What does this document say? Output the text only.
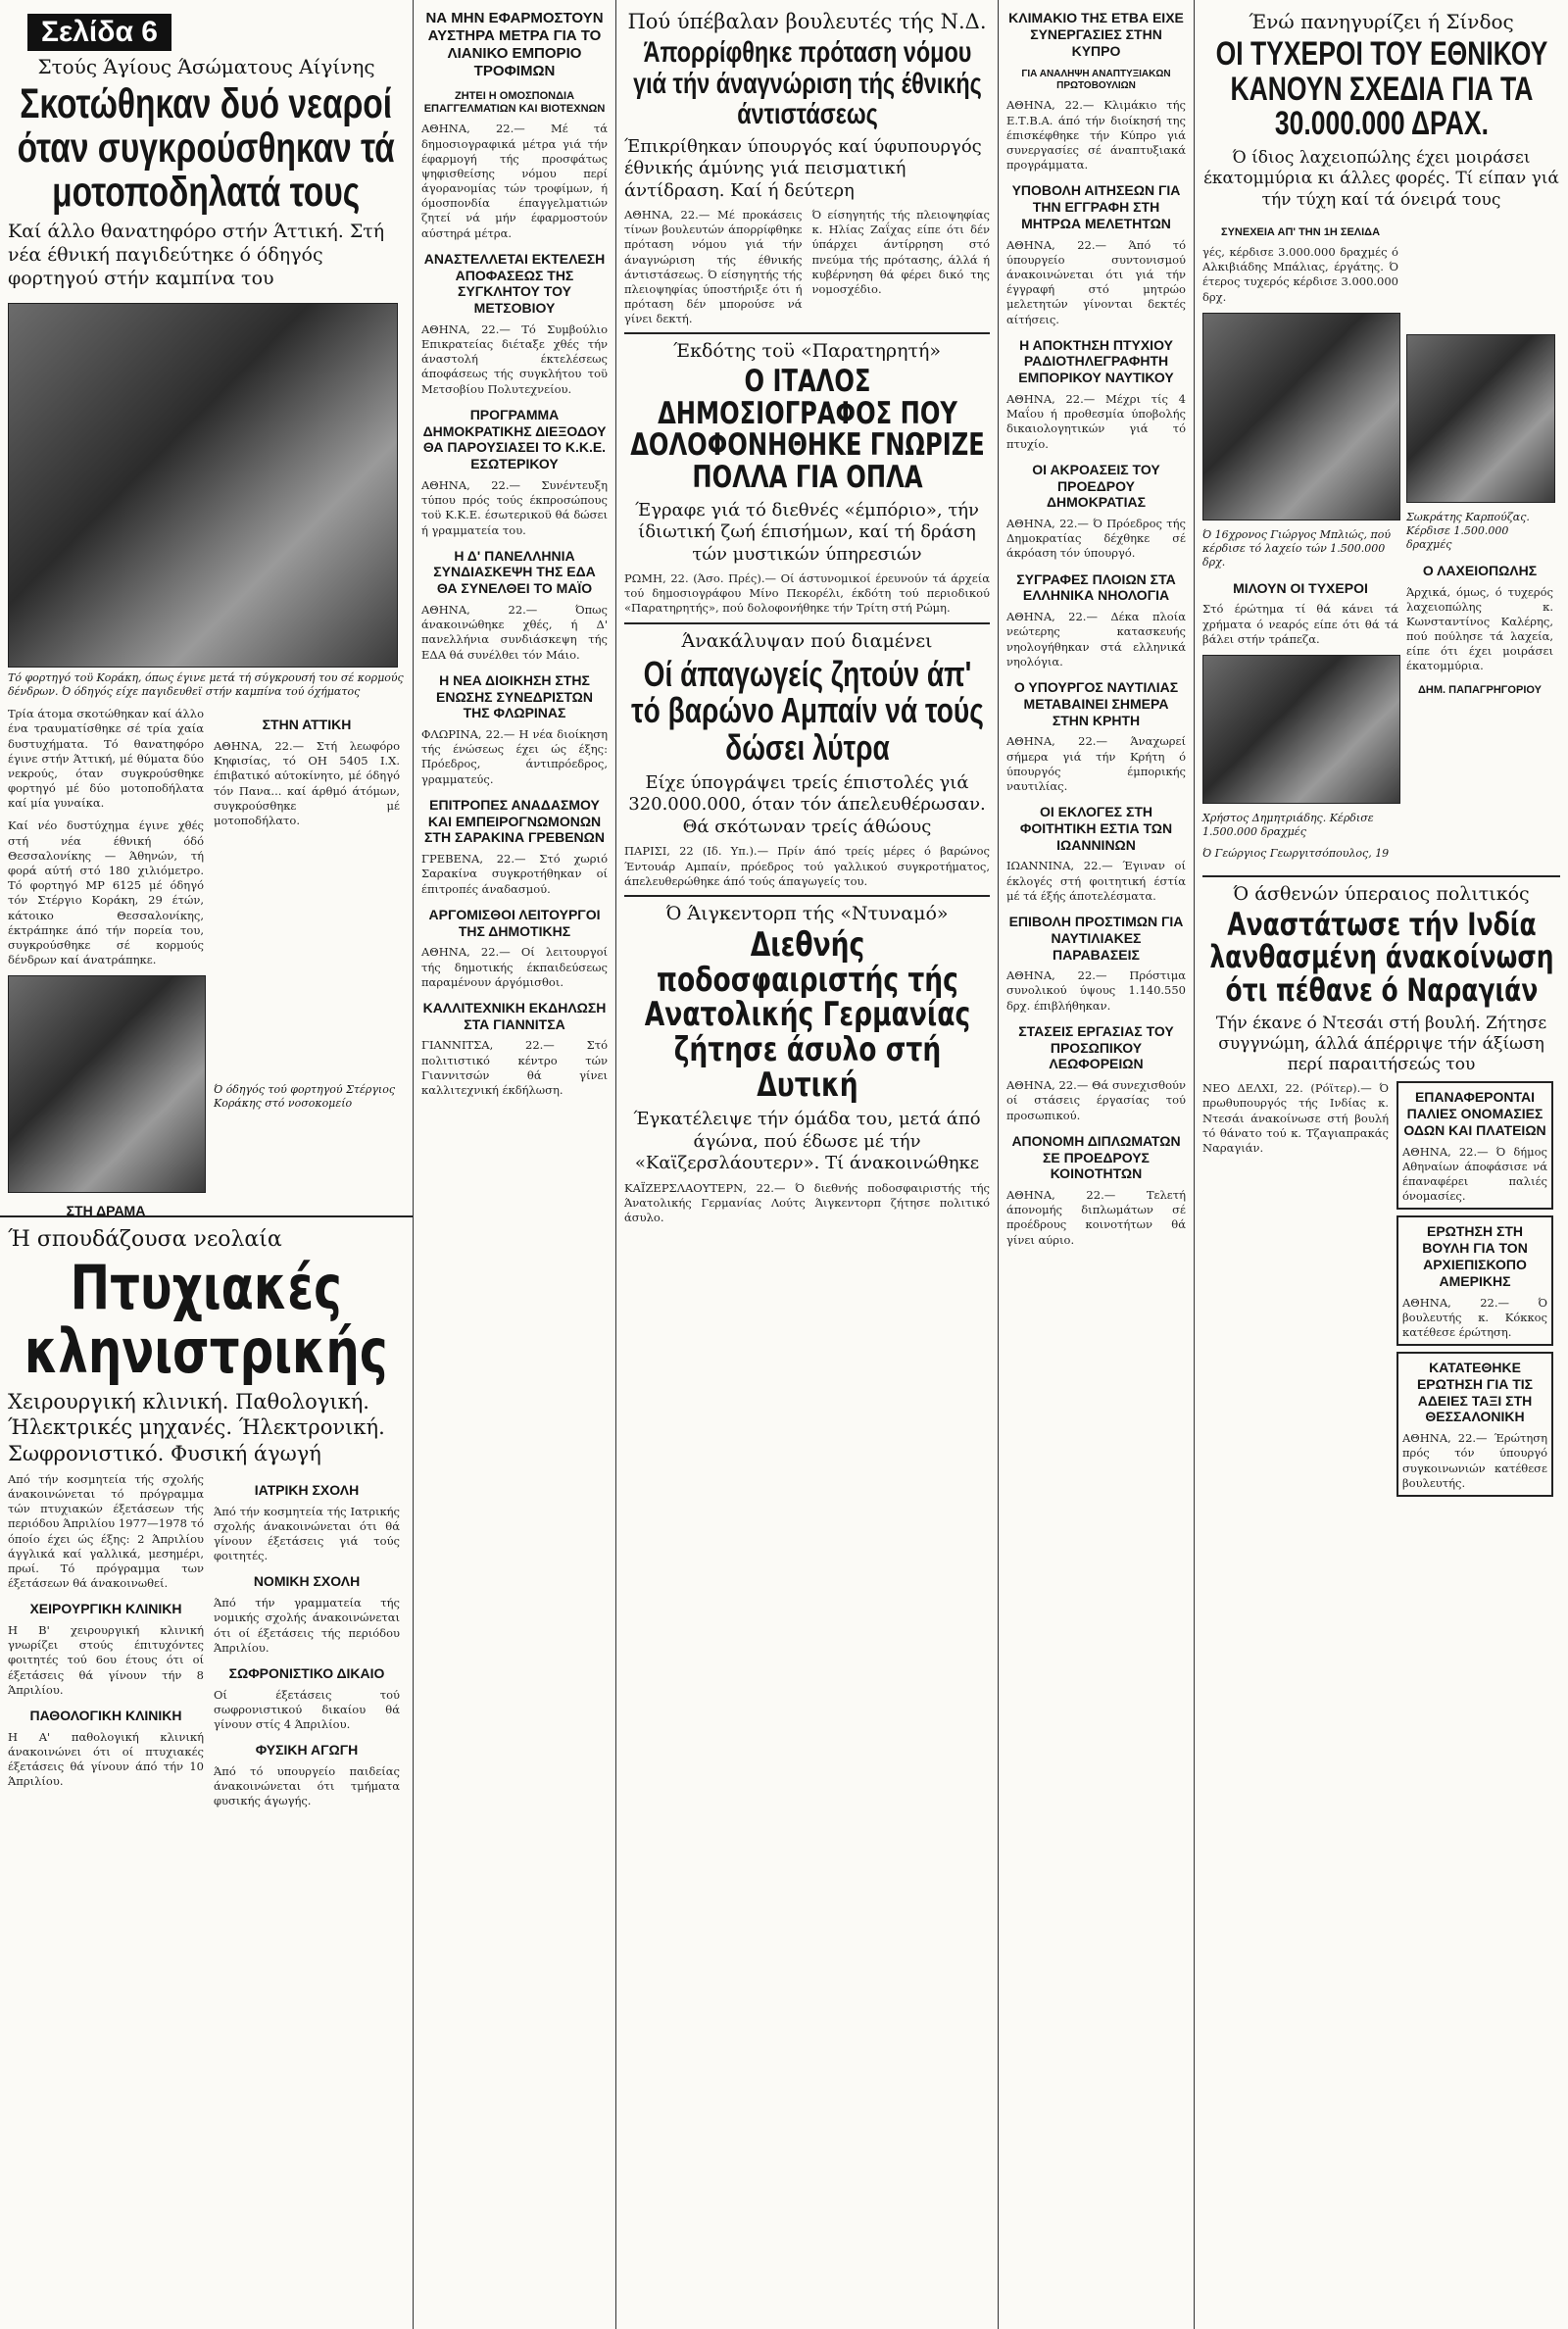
Σελίδα 6
Στούς Άγίους Άσώματους Αίγίνης
Σκοτώθηκαν δυό νεαροί όταν συγκρούσθηκαν τά μοτοποδηλατά τους
Καί άλλο θανατηφόρο στήν Άττική. Στή νέα έθνική παγιδεύτηκε ό όδηγός φορτηγού στήν καμπίνα του
Τό φορτηγό τοϋ Κοράκη, όπως έγινε μετά τή σύγκρουσή του σέ κορμούς δένδρων. Ό όδηγός είχε παγιδευθεϊ στήν καμπίνα τού όχήματος
Τρία άτομα σκοτώθηκαν καί άλλο ένα τραυματίσθηκε σέ τρία χαία δυστυχήματα. Τό θανατηφόρο έγινε στήν Άττική, μέ θύματα δύο νεκρούς, όταν συγκρούσθηκε φορτηγό μέ δύο μοτοποδήλατα καί μία γυναίκα.
Καί νέο δυστύχημα έγινε χθές στή νέα έθνική όδό Θεσσαλονίκης — Άθηνών, τή φορά αύτή στό 180 χιλιόμετρο. Τό φορτηγό ΜΡ 6125 μέ όδηγό τόν Στέργιο Κοράκη, 29 έτών, κάτοικο Θεσσαλονίκης, έκτράπηκε άπό τήν πορεία του, συγκρούσθηκε σέ κορμούς δένδρων καί άνατράπηκε.
ΣΤΗ ΔΡΑΜΑ
ΣΤΗΝ ΑΤΤΙΚΗ
ΑΘΗΝΑ, 22.— Στή λεωφόρο Κηφισίας, τό ΟΗ 5405 Ι.Χ. έπιβατικό αύτοκίνητο, μέ όδηγό τόν Πανα... καί άρθμό άτόμων, συγκρούσθηκε μέ μοτοποδήλατο.
Ό όδηγός τού φορτηγού Στέργιος Κοράκης στό νοσοκομείο
Ή σπουδάζουσα νεολαία
Πτυχιακές κληνιστρικής
Χειρουργική κλινική. Παθολογική. Ήλεκτρικές μηχανές. Ήλεκτρονική. Σωφρονιστικό. Φυσική άγωγή
Από τήν κοσμητεία τής σχολής άνακοινώνεται τό πρόγραμμα τών πτυχιακών έξετάσεων τής περιόδου Άπριλίου 1977—1978 τό όποίο έχει ώς έξης: 2 Άπριλίου άγγλικά καί γαλλικά, μεσημέρι, πρωί. Τό πρόγραμμα των έξετάσεων θά άνακοινωθεί.
ΧΕΙΡΟΥΡΓΙΚΗ ΚΛΙΝΙΚΗ
Η Β' χειρουργική κλινική γνωρίζει στούς έπιτυχόντες φοιτητές τού 6ου έτους ότι οί έξετάσεις θά γίνουν τήν 8 Άπριλίου.
ΠΑΘΟΛΟΓΙΚΗ ΚΛΙΝΙΚΗ
Η Α' παθολογική κλινική άνακοινώνει ότι οί πτυχιακές έξετάσεις θά γίνουν άπό τήν 10 Άπριλίου.
ΙΑΤΡΙΚΗ ΣΧΟΛΗ
Άπό τήν κοσμητεία τής Ιατρικής σχολής άνακοινώνεται ότι θά γίνουν έξετάσεις γιά τούς φοιτητές.
ΝΟΜΙΚΗ ΣΧΟΛΗ
Άπό τήν γραμματεία τής νομικής σχολής άνακοινώνεται ότι οί έξετάσεις τής περιόδου Άπριλίου.
ΣΩΦΡΟΝΙΣΤΙΚΟ ΔΙΚΑΙΟ
Οί έξετάσεις τού σωφρονιστικού δικαίου θά γίνουν στίς 4 Άπριλίου.
ΦΥΣΙΚΗ ΑΓΩΓΗ
Άπό τό υπουργείο παιδείας άνακοινώνεται ότι τμήματα φυσικής άγωγής.
ΝΑ ΜΗΝ ΕΦΑΡΜΟΣΤΟΥΝ ΑΥΣΤΗΡΑ ΜΕΤΡΑ ΓΙΑ ΤΟ ΛΙΑΝΙΚΟ ΕΜΠΟΡΙΟ ΤΡΟΦΙΜΩΝ
ΖΗΤΕΙ Η ΟΜΟΣΠΟΝΔΙΑ ΕΠΑΓΓΕΛΜΑΤΙΩΝ ΚΑΙ ΒΙΟΤΕΧΝΩΝ
ΑΘΗΝΑ, 22.— Μέ τά δημοσιογραφικά μέτρα γιά τήν έφαρμογή τής προσφάτως ψηφισθείσης νόμου περί άγορανομίας τών τροφίμων, ή όμοσπονδία έπαγγελματιών ζητεί νά μήν έφαρμοστούν αύστηρά μέτρα.
ΑΝΑΣΤΕΛΛΕΤΑΙ ΕΚΤΕΛΕΣΗ ΑΠΟΦΑΣΕΩΣ ΤΗΣ ΣΥΓΚΛΗΤΟΥ ΤΟΥ ΜΕΤΣΟΒΙΟΥ
ΑΘΗΝΑ, 22.— Τό Συμβούλιο Επικρατείας διέταξε χθές τήν άναστολή έκτελέσεως άποφάσεως τής συγκλήτου τοϋ Μετσοβίου Πολυτεχνείου.
ΠΡΟΓΡΑΜΜΑ ΔΗΜΟΚΡΑΤΙΚΗΣ ΔΙΕΞΟΔΟΥ ΘΑ ΠΑΡΟΥΣΙΑΣΕΙ ΤΟ Κ.Κ.Ε. ΕΣΩΤΕΡΙΚΟΥ
ΑΘΗΝΑ, 22.— Συνέντευξη τύπου πρός τούς έκπροσώπους τοϋ Κ.Κ.Ε. έσωτερικοϋ θά δώσει ή γραμματεία του.
Η Δ' ΠΑΝΕΛΛΗΝΙΑ ΣΥΝΔΙΑΣΚΕΨΗ ΤΗΣ ΕΔΑ ΘΑ ΣΥΝΕΛΘΕΙ ΤΟ ΜΑΪΟ
ΑΘΗΝΑ, 22.— Όπως άνακοινώθηκε χθές, ή Δ' πανελλήνια συνδιάσκεψη τής ΕΔΑ θά συνέλθει τόν Μάιο.
Η ΝΕΑ ΔΙΟΙΚΗΣΗ ΣΤΗΣ ΕΝΩΣΗΣ ΣΥΝΕΔΡΙΣΤΩΝ ΤΗΣ ΦΛΩΡΙΝΑΣ
ΦΛΩΡΙΝΑ, 22.— Η νέα διοίκηση τής ένώσεως έχει ώς έξης: Πρόεδρος, άντιπρόεδρος, γραμματεύς.
ΕΠΙΤΡΟΠΕΣ ΑΝΑΔΑΣΜΟΥ ΚΑΙ ΕΜΠΕΙΡΟΓΝΩΜΟΝΩΝ ΣΤΗ ΣΑΡΑΚΙΝΑ ΓΡΕΒΕΝΩΝ
ΓΡΕΒΕΝΑ, 22.— Στό χωριό Σαρακίνα συγκροτήθηκαν οί έπιτροπές άναδασμού.
ΑΡΓΟΜΙΣΘΟΙ ΛΕΙΤΟΥΡΓΟΙ ΤΗΣ ΔΗΜΟΤΙΚΗΣ
ΑΘΗΝΑ, 22.— Οί λειτουργοί τής δημοτικής έκπαιδεύσεως παραμένουν άργόμισθοι.
ΚΑΛΛΙΤΕΧΝΙΚΗ ΕΚΔΗΛΩΣΗ ΣΤΑ ΓΙΑΝΝΙΤΣΑ
ΓΙΑΝΝΙΤΣΑ, 22.— Στό πολιτιστικό κέντρο τών Γιαννιτσών θά γίνει καλλιτεχνική έκδήλωση.
Πού ύπέβαλαν βουλευτές τής Ν.Δ.
Άπορρίφθηκε πρόταση νόμου γιά τήν άναγνώριση τής έθνικής άντιστάσεως
Έπικρίθηκαν ύπουργός καί ύφυπουργός έθνικής άμύνης γιά πεισματική άντίδραση. Καί ή δεύτερη
ΑΘΗΝΑ, 22.— Μέ προκάσεις τίνων βουλευτών άπορρίφθηκε πρόταση νόμου γιά τήν άναγνώριση τής έθνικής άντιστάσεως. Ό είσηγητής τής πλειοψηφίας ύποστήριξε ότι ή πρόταση δέν μπορούσε νά γίνει δεκτή.
Ό είσηγητής τής πλειοψηφίας κ. Ηλίας Ζαΐχας είπε ότι δέν ύπάρχει άντίρρηση στό πνεύμα τής πρότασης, άλλά ή κυβέρνηση θά φέρει δικό της νομοσχέδιο.
Έκδότης τοϋ «Παρατηρητή»
Ο ΙΤΑΛΟΣ ΔΗΜΟΣΙΟΓΡΑΦΟΣ ΠΟΥ ΔΟΛΟΦΟΝΗΘΗΚΕ ΓΝΩΡΙΖΕ ΠΟΛΛΑ ΓΙΑ ΟΠΛΑ
Έγραφε γιά τό διεθνές «έμπόριο», τήν ίδιωτική ζωή έπισήμων, καί τή δράση τών μυστικών ύπηρεσιών
ΡΩΜΗ, 22. (Άσο. Πρές).— Οί άστυνομικοί έρευνούν τά άρχεία τού δημοσιογράφου Μίνο Πεκορέλι, έκδότη τού περιοδικού «Παρατηρητής», πού δολοφονήθηκε τήν Τρίτη στή Ρώμη.
Άνακάλυψαν πού διαμένει
Οί άπαγωγείς ζητούν άπ' τό βαρώνο Αμπαίν νά τούς δώσει λύτρα
Είχε ύπογράψει τρείς έπιστολές γιά 320.000.000, όταν τόν άπελευθέρωσαν. Θά σκότωναν τρείς άθώους
ΠΑΡΙΣΙ, 22 (Ιδ. Υπ.).— Πρίν άπό τρείς μέρες ό βαρώνος Έντουάρ Αμπαίν, πρόεδρος τού γαλλικού συγκροτήματος, άπελευθερώθηκε άπό τούς άπαγωγείς του.
Ό Άιγκεντορπ τής «Ντυναμό»
Διεθνής ποδοσφαιριστής τής Ανατολικής Γερμανίας ζήτησε άσυλο στή Δυτική
Έγκατέλειψε τήν όμάδα του, μετά άπό άγώνα, πού έδωσε μέ τήν «Καϊζερσλάουτερν». Τί άνακοινώθηκε
ΚΑΪΖΕΡΣΛΑΟΥΤΕΡΝ, 22.— Ό διεθνής ποδοσφαιριστής τής Άνατολικής Γερμανίας Λούτς Άιγκεντορπ ζήτησε πολιτικό άσυλο.
ΚΛΙΜΑΚΙΟ ΤΗΣ ΕΤΒΑ ΕΙΧΕ ΣΥΝΕΡΓΑΣΙΕΣ ΣΤΗΝ ΚΥΠΡΟ
ΓΙΑ ΑΝΑΛΗΨΗ ΑΝΑΠΤΥΞΙΑΚΩΝ ΠΡΩΤΟΒΟΥΛΙΩΝ
ΑΘΗΝΑ, 22.— Κλιμάκιο τής Ε.Τ.Β.Α. άπό τήν διοίκησή της έπισκέφθηκε τήν Κύπρο γιά συνεργασίες σέ άναπτυξιακά προγράμματα.
ΥΠΟΒΟΛΗ ΑΙΤΗΣΕΩΝ ΓΙΑ ΤΗΝ ΕΓΓΡΑΦΗ ΣΤΗ ΜΗΤΡΩΑ ΜΕΛΕΤΗΤΩΝ
ΑΘΗΝΑ, 22.— Άπό τό ύπουργείο συντονισμού άνακοινώνεται ότι γιά τήν έγγραφή στό μητρώο μελετητών γίνονται δεκτές αίτήσεις.
Η ΑΠΟΚΤΗΣΗ ΠΤΥΧΙΟΥ ΡΑΔΙΟΤΗΛΕΓΡΑΦΗΤΗ ΕΜΠΟΡΙΚΟΥ ΝΑΥΤΙΚΟΥ
ΑΘΗΝΑ, 22.— Μέχρι τίς 4 Μαΐου ή προθεσμία ύποβολής δικαιολογητικών γιά τό πτυχίο.
ΟΙ ΑΚΡΟΑΣΕΙΣ ΤΟΥ ΠΡΟΕΔΡΟΥ ΔΗΜΟΚΡΑΤΙΑΣ
ΑΘΗΝΑ, 22.— Ό Πρόεδρος τής Δημοκρατίας δέχθηκε σέ άκρόαση τόν ύπουργό.
ΣΥΓΡΑΦΕΣ ΠΛΟΙΩΝ ΣΤΑ ΕΛΛΗΝΙΚΑ ΝΗΟΛΟΓΙΑ
ΑΘΗΝΑ, 22.— Δέκα πλοία νεώτερης κατασκευής νηολογήθηκαν στά ελληνικά νηολόγια.
Ο ΥΠΟΥΡΓΟΣ ΝΑΥΤΙΛΙΑΣ ΜΕΤΑΒΑΙΝΕΙ ΣΗΜΕΡΑ ΣΤΗΝ ΚΡΗΤΗ
ΑΘΗΝΑ, 22.— Άναχωρεί σήμερα γιά τήν Κρήτη ό ύπουργός έμπορικής ναυτιλίας.
ΟΙ ΕΚΛΟΓΕΣ ΣΤΗ ΦΟΙΤΗΤΙΚΗ ΕΣΤΙΑ ΤΩΝ ΙΩΑΝΝΙΝΩΝ
ΙΩΑΝΝΙΝΑ, 22.— Έγιναν οί έκλογές στή φοιτητική έστία μέ τά έξής άποτελέσματα.
ΕΠΙΒΟΛΗ ΠΡΟΣΤΙΜΩΝ ΓΙΑ ΝΑΥΤΙΛΙΑΚΕΣ ΠΑΡΑΒΑΣΕΙΣ
ΑΘΗΝΑ, 22.— Πρόστιμα συνολικού ύψους 1.140.550 δρχ. έπιβλήθηκαν.
ΣΤΑΣΕΙΣ ΕΡΓΑΣΙΑΣ ΤΟΥ ΠΡΟΣΩΠΙΚΟΥ ΛΕΩΦΟΡΕΙΩΝ
ΑΘΗΝΑ, 22.— Θά συνεχισθούν οί στάσεις έργασίας τού προσωπικού.
ΑΠΟΝΟΜΗ ΔΙΠΛΩΜΑΤΩΝ ΣΕ ΠΡΟΕΔΡΟΥΣ ΚΟΙΝΟΤΗΤΩΝ
ΑΘΗΝΑ, 22.— Τελετή άπονομής διπλωμάτων σέ προέδρους κοινοτήτων θά γίνει αύριο.
Ένώ πανηγυρίζει ή Σίνδος
ΟΙ ΤΥΧΕΡΟΙ ΤΟΥ ΕΘΝΙΚΟΥ ΚΑΝΟΥΝ ΣΧΕΔΙΑ ΓΙΑ ΤΑ 30.000.000 ΔΡΑΧ.
Ό ίδιος λαχειοπώλης έχει μοιράσει έκατομμύρια κι άλλες φορές. Τί είπαν γιά τήν τύχη καί τά όνειρά τους
ΣΥΝΕΧΕΙΑ ΑΠ' ΤΗΝ 1Η ΣΕΛΙΔΑ
γές, κέρδισε 3.000.000 δραχμές ό Αλκιβιάδης Μπάλιας, έργάτης. Ό έτερος τυχερός κέρδισε 3.000.000 δρχ.
Ό 16χρονος Γιώργος Μπλιώς, πού κέρδισε τό λαχείο τών 1.500.000 δρχ.
ΜΙΛΟΥΝ ΟΙ ΤΥΧΕΡΟΙ
Στό έρώτημα τί θά κάνει τά χρήματα ό νεαρός είπε ότι θά τά βάλει στήν τράπεζα.
Χρήστος Δημητριάδης. Κέρδισε 1.500.000 δραχμές
Ό Γεώργιος Γεωργιτσόπουλος, 19
Σωκράτης Καρπούζας. Κέρδισε 1.500.000 δραχμές
Ο ΛΑΧΕΙΟΠΩΛΗΣ
Άρχικά, όμως, ό τυχερός λαχειοπώλης κ. Κωνσταντίνος Καλέρης, πού πούλησε τά λαχεία, είπε ότι έχει μοιράσει έκατομμύρια.
ΔΗΜ. ΠΑΠΑΓΡΗΓΟΡΙΟΥ
Ό άσθενών ύπεραιος πολιτικός
Αναστάτωσε τήν Ινδία λανθασμένη άνακοίνωση ότι πέθανε ό Ναραγιάν
Τήν έκανε ό Ντεσάι στή βουλή. Ζήτησε συγγνώμη, άλλά άπέρριψε τήν άξίωση περί παραιτήσεώς του
ΝΕΟ ΔΕΛΧΙ, 22. (Ρόϊτερ).— Ό πρωθυπουργός τής Ινδίας κ. Ντεσάι άνακοίνωσε στή βουλή τό θάνατο τού κ. Τζαγιαπρακάς Ναραγιάν.
ΕΠΑΝΑΦΕΡΟΝΤΑΙ ΠΑΛΙΕΣ ΟΝΟΜΑΣΙΕΣ ΟΔΩΝ ΚΑΙ ΠΛΑΤΕΙΩΝ
ΑΘΗΝΑ, 22.— Ό δήμος Αθηναίων άποφάσισε νά έπαναφέρει παλιές όνομασίες.
ΕΡΩΤΗΣΗ ΣΤΗ ΒΟΥΛΗ ΓΙΑ ΤΟΝ ΑΡΧΙΕΠΙΣΚΟΠΟ ΑΜΕΡΙΚΗΣ
ΑΘΗΝΑ, 22.— Ό βουλευτής κ. Κόκκος κατέθεσε έρώτηση.
ΚΑΤΑΤΕΘΗΚΕ ΕΡΩΤΗΣΗ ΓΙΑ ΤΙΣ ΑΔΕΙΕΣ ΤΑΞΙ ΣΤΗ ΘΕΣΣΑΛΟΝΙΚΗ
ΑΘΗΝΑ, 22.— Έρώτηση πρός τόν ύπουργό συγκοινωνιών κατέθεσε βουλευτής.
